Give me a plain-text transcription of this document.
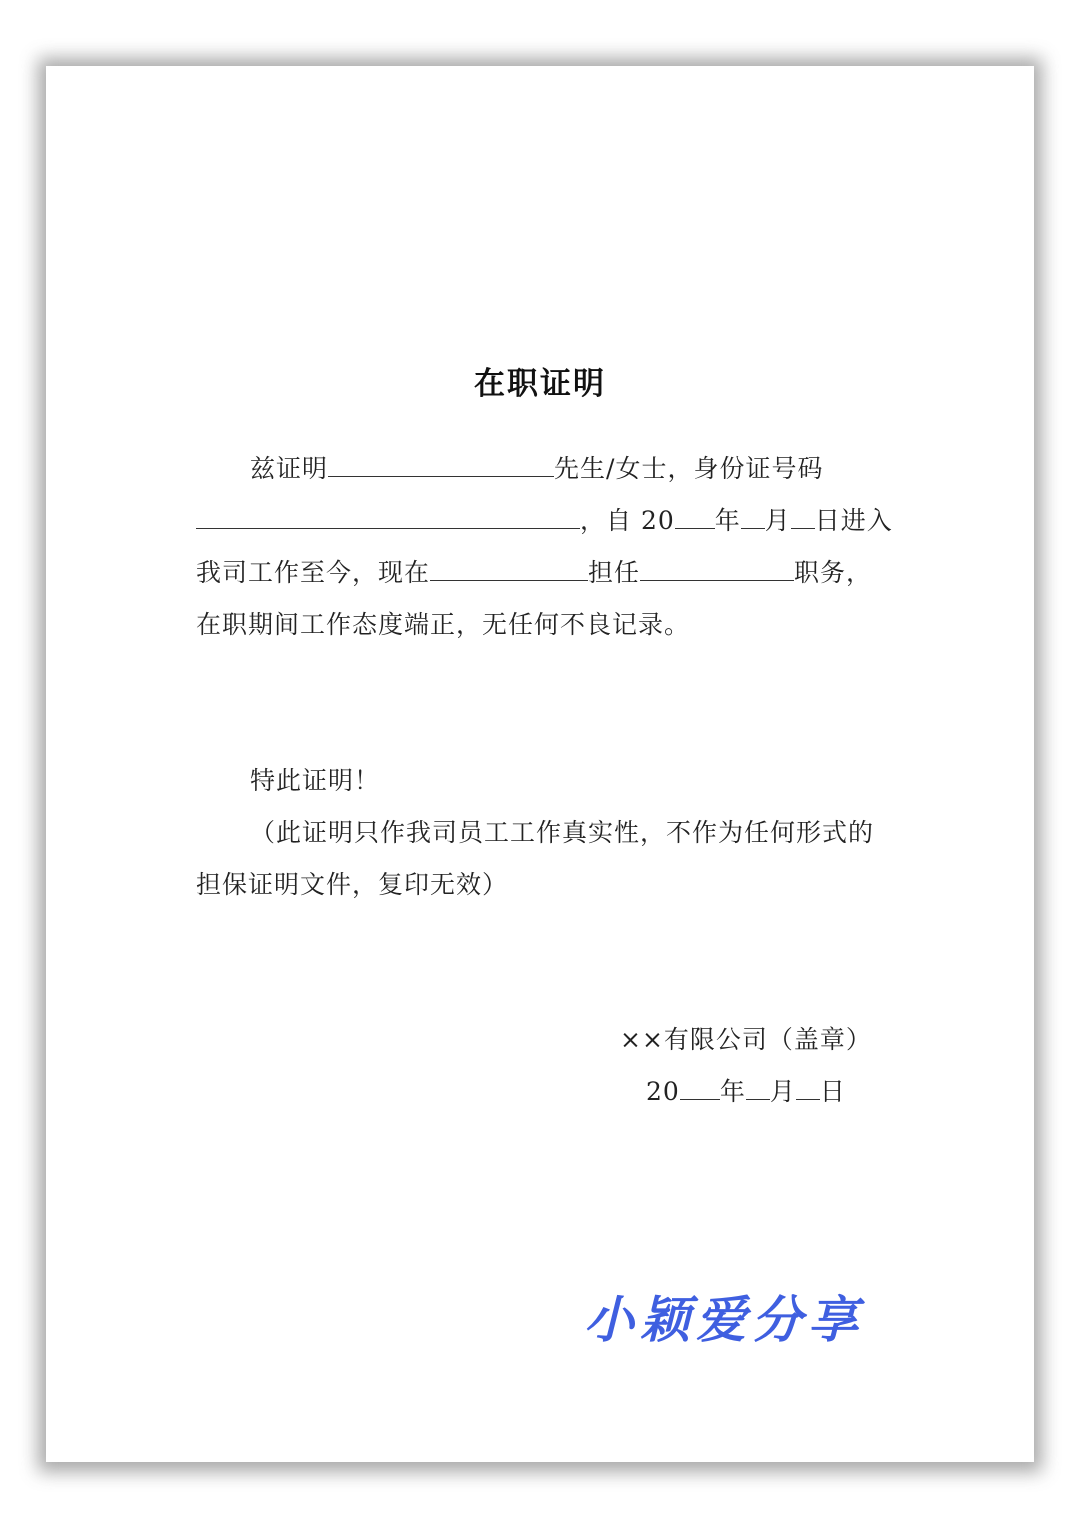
在职证明
兹证明	先生/女士，身份证号码
，自 20 年 月 日进入
我司工作至今，现在	担任	职务，
在职期间工作态度端正，无任何不良记录。
特此证明！
（此证明只作我司员工工作真实性，不作为任何形式的
担保证明文件，复印无效）
××有限公司（盖章）
20 年 月 日
小颖爱分享
